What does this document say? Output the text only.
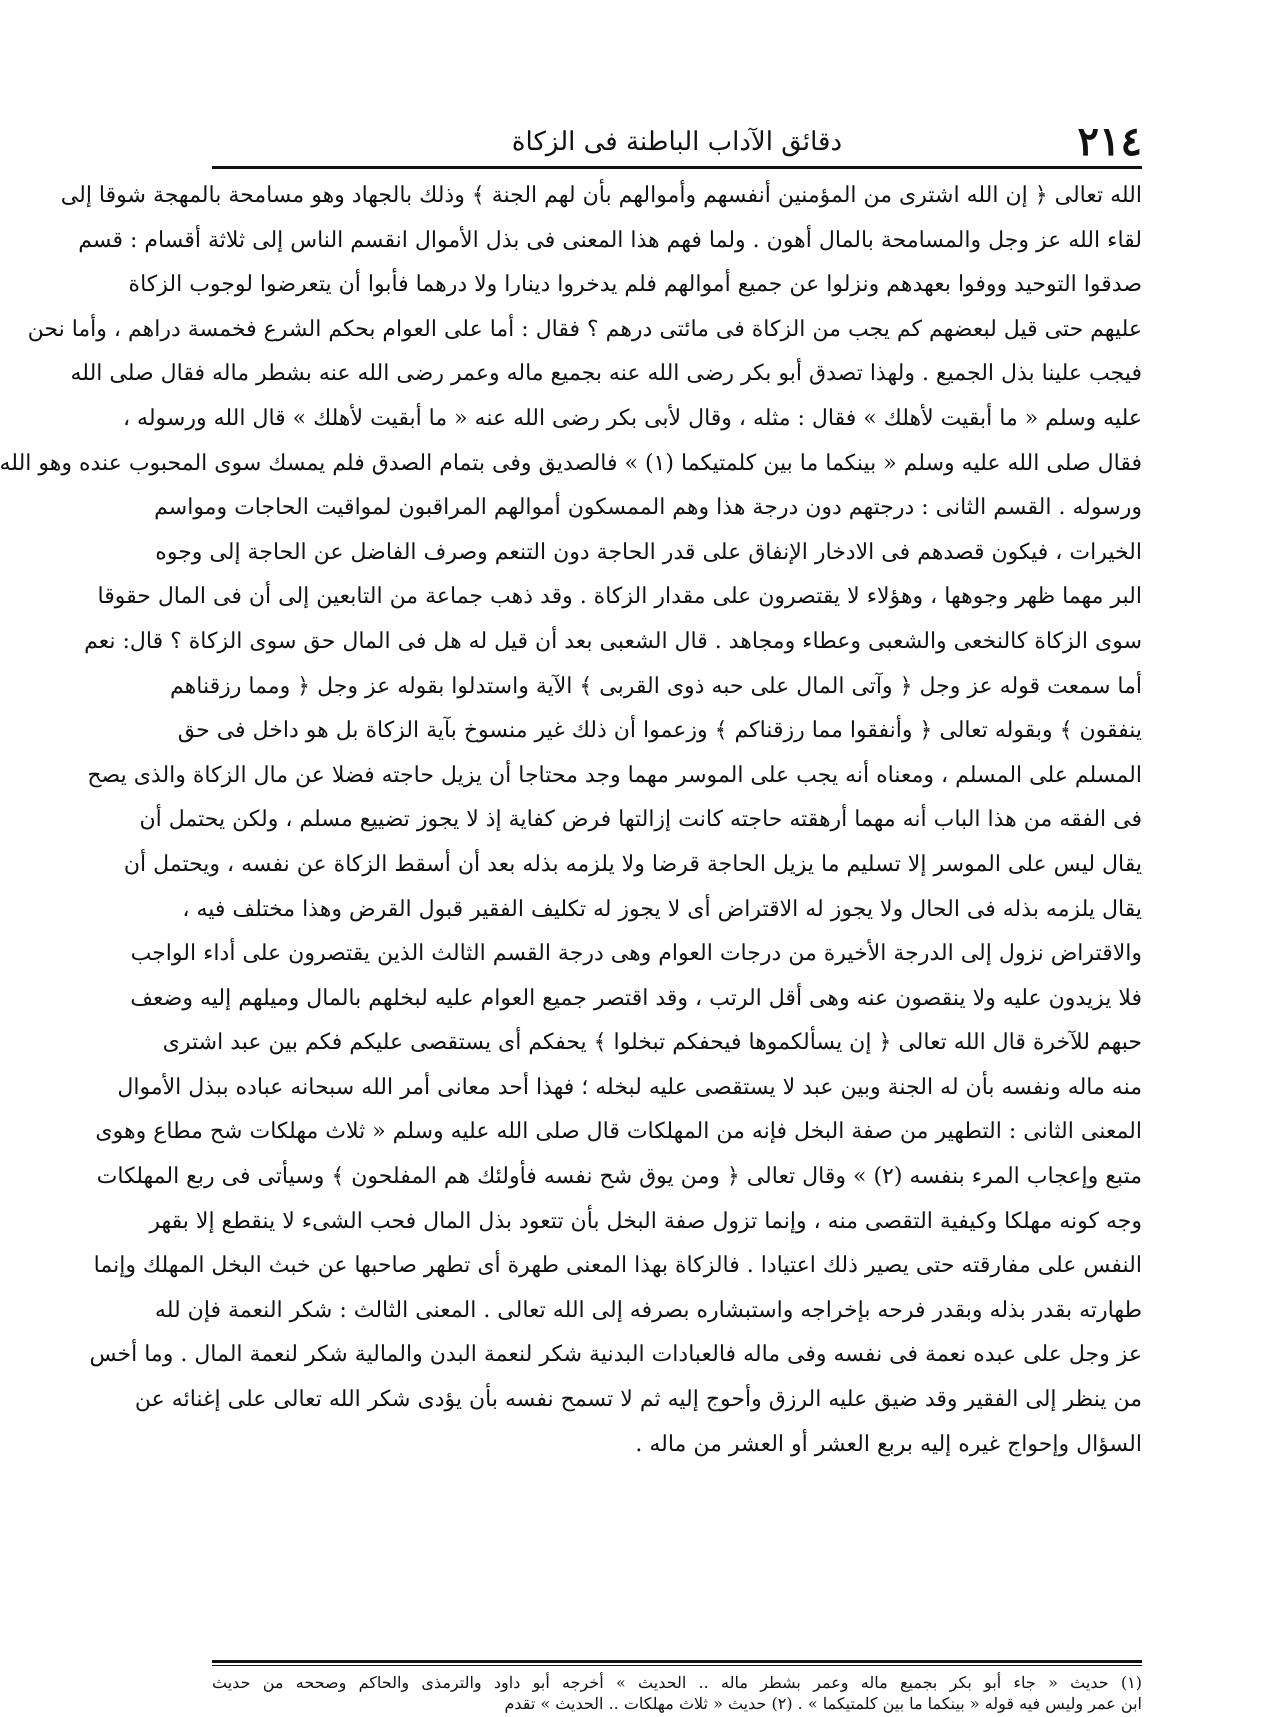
٢١٤
دقائق الآداب الباطنة فى الزكاة
الله تعالى ﴿ إن الله اشترى من المؤمنين أنفسهم وأموالهم بأن لهم الجنة ﴾ وذلك بالجهاد وهو مسامحة بالمهجة شوقا إلى
لقاء الله عز وجل والمسامحة بالمال أهون . ولما فهم هذا المعنى فى بذل الأموال انقسم الناس إلى ثلاثة أقسام : قسم
صدقوا التوحيد ووفوا بعهدهم ونزلوا عن جميع أموالهم فلم يدخروا دينارا ولا درهما فأبوا أن يتعرضوا لوجوب الزكاة
عليهم حتى قيل لبعضهم كم يجب من الزكاة فى مائتى درهم ؟ فقال : أما على العوام بحكم الشرع فخمسة دراهم ، وأما نحن
فيجب علينا بذل الجميع . ولهذا تصدق أبو بكر رضى الله عنه بجميع ماله وعمر رضى الله عنه بشطر ماله فقال صلى الله
عليه وسلم « ما أبقيت لأهلك » فقال : مثله ، وقال لأبى بكر رضى الله عنه « ما أبقيت لأهلك » قال الله ورسوله ،
فقال صلى الله عليه وسلم « بينكما ما بين كلمتيكما (١) » فالصديق وفى بتمام الصدق فلم يمسك سوى المحبوب عنده وهو الله
ورسوله . القسم الثانى : درجتهم دون درجة هذا وهم الممسكون أموالهم المراقبون لمواقيت الحاجات ومواسم
الخيرات ، فيكون قصدهم فى الادخار الإنفاق على قدر الحاجة دون التنعم وصرف الفاضل عن الحاجة إلى وجوه
البر مهما ظهر وجوهها ، وهؤلاء لا يقتصرون على مقدار الزكاة . وقد ذهب جماعة من التابعين إلى أن فى المال حقوقا
سوى الزكاة كالنخعى والشعبى وعطاء ومجاهد . قال الشعبى بعد أن قيل له هل فى المال حق سوى الزكاة ؟ قال: نعم
أما سمعت قوله عز وجل ﴿ وآتى المال على حبه ذوى القربى ﴾ الآية واستدلوا بقوله عز وجل ﴿ ومما رزقناهم
ينفقون ﴾ وبقوله تعالى ﴿ وأنفقوا مما رزقناكم ﴾ وزعموا أن ذلك غير منسوخ بآية الزكاة بل هو داخل فى حق
المسلم على المسلم ، ومعناه أنه يجب على الموسر مهما وجد محتاجا أن يزيل حاجته فضلا عن مال الزكاة والذى يصح
فى الفقه من هذا الباب أنه مهما أرهقته حاجته كانت إزالتها فرض كفاية إذ لا يجوز تضييع مسلم ، ولكن يحتمل أن
يقال ليس على الموسر إلا تسليم ما يزيل الحاجة قرضا ولا يلزمه بذله بعد أن أسقط الزكاة عن نفسه ، ويحتمل أن
يقال يلزمه بذله فى الحال ولا يجوز له الاقتراض أى لا يجوز له تكليف الفقير قبول القرض وهذا مختلف فيه ،
والاقتراض نزول إلى الدرجة الأخيرة من درجات العوام وهى درجة القسم الثالث الذين يقتصرون على أداء الواجب
فلا يزيدون عليه ولا ينقصون عنه وهى أقل الرتب ، وقد اقتصر جميع العوام عليه لبخلهم بالمال وميلهم إليه وضعف
حبهم للآخرة قال الله تعالى ﴿ إن يسألكموها فيحفكم تبخلوا ﴾ يحفكم أى يستقصى عليكم فكم بين عبد اشترى
منه ماله ونفسه بأن له الجنة وبين عبد لا يستقصى عليه لبخله ؛ فهذا أحد معانى أمر الله سبحانه عباده ببذل الأموال
المعنى الثانى : التطهير من صفة البخل فإنه من المهلكات قال صلى الله عليه وسلم « ثلاث مهلكات شح مطاع وهوى
متبع وإعجاب المرء بنفسه (٢) » وقال تعالى ﴿ ومن يوق شح نفسه فأولئك هم المفلحون ﴾ وسيأتى فى ربع المهلكات
وجه كونه مهلكا وكيفية التقصى منه ، وإنما تزول صفة البخل بأن تتعود بذل المال فحب الشىء لا ينقطع إلا بقهر
النفس على مفارقته حتى يصير ذلك اعتيادا . فالزكاة بهذا المعنى طهرة أى تطهر صاحبها عن خبث البخل المهلك وإنما
طهارته بقدر بذله وبقدر فرحه بإخراجه واستبشاره بصرفه إلى الله تعالى . المعنى الثالث : شكر النعمة فإن لله
عز وجل على عبده نعمة فى نفسه وفى ماله فالعبادات البدنية شكر لنعمة البدن والمالية شكر لنعمة المال . وما أخس
من ينظر إلى الفقير وقد ضيق عليه الرزق وأحوج إليه ثم لا تسمح نفسه بأن يؤدى شكر الله تعالى على إغنائه عن
السؤال وإحواج غيره إليه بربع العشر أو العشر من ماله .
(١) حديث « جاء أبو بكر بجميع ماله وعمر بشطر ماله .. الحديث » أخرجه أبو داود والترمذى والحاكم وصححه من حديث
ابن عمر وليس فيه قوله « بينكما ما بين كلمتيكما » . (٢) حديث « ثلاث مهلكات .. الحديث » تقدم
